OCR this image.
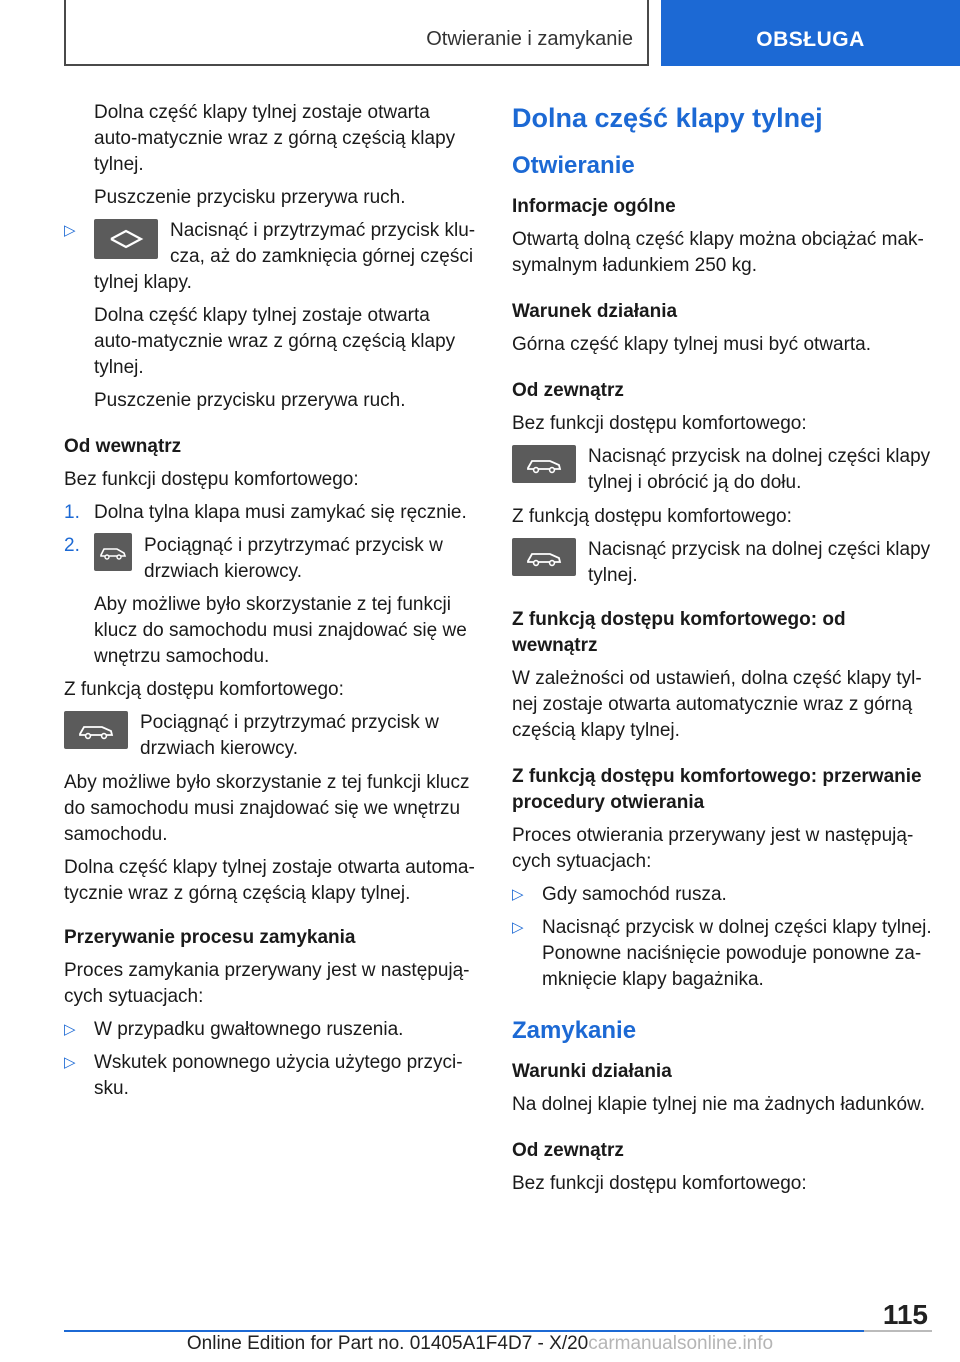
Otwieranie i zamykanie	OBSŁUGA

Dolna część klapy tylnej zostaje otwarta auto-matycznie wraz z górną częścią klapy tylnej.

Puszczenie przycisku przerywa ruch.

▷	Nacisnąć i przytrzymać przycisk klu-cza, aż do zamknięcia górnej części tylnej klapy.

Dolna część klapy tylnej zostaje otwarta auto-matycznie wraz z górną częścią klapy tylnej.

Puszczenie przycisku przerywa ruch.

Od wewnątrz

Bez funkcji dostępu komfortowego:

1. Dolna tylna klapa musi zamykać się ręcznie.
2.	Pociągnąć i przytrzymać przycisk w drzwiach kierowcy.

Aby możliwe było skorzystanie z tej funkcji klucz do samochodu musi znajdować się we wnętrzu samochodu.

Z funkcją dostępu komfortowego:

Pociągnąć i przytrzymać przycisk w drzwiach kierowcy.

Aby możliwe było skorzystanie z tej funkcji klucz do samochodu musi znajdować się we wnętrzu samochodu.

Dolna część klapy tylnej zostaje otwarta automa-tycznie wraz z górną częścią klapy tylnej.

Przerywanie procesu zamykania

Proces zamykania przerywany jest w następują-cych sytuacjach:

▷ W przypadku gwałtownego ruszenia.
▷ Wskutek ponownego użycia użytego przyci-sku.
Dolna część klapy tylnej
Otwieranie

Informacje ogólne

Otwartą dolną część klapy można obciążać mak-symalnym ładunkiem 250 kg.

Warunek działania

Górna część klapy tylnej musi być otwarta.

Od zewnątrz

Bez funkcji dostępu komfortowego:

Nacisnąć przycisk na dolnej części klapy tylnej i obrócić ją do dołu.

Z funkcją dostępu komfortowego:

Nacisnąć przycisk na dolnej części klapy tylnej.

Z funkcją dostępu komfortowego: od wewnątrz

W zależności od ustawień, dolna część klapy tyl-nej zostaje otwarta automatycznie wraz z górną częścią klapy tylnej.

Z funkcją dostępu komfortowego: przerwanie procedury otwierania

Proces otwierania przerywany jest w następują-cych sytuacjach:

▷ Gdy samochód rusza.
▷ Nacisnąć przycisk w dolnej części klapy tylnej. Ponowne naciśnięcie powoduje ponowne za-mknięcie klapy bagażnika.
Zamykanie

Warunki działania

Na dolnej klapie tylnej nie ma żadnych ładunków.

Od zewnątrz

Bez funkcji dostępu komfortowego:

115
Online Edition for Part no. 01405A1F4D7 - X/20carmanualsonline.info
